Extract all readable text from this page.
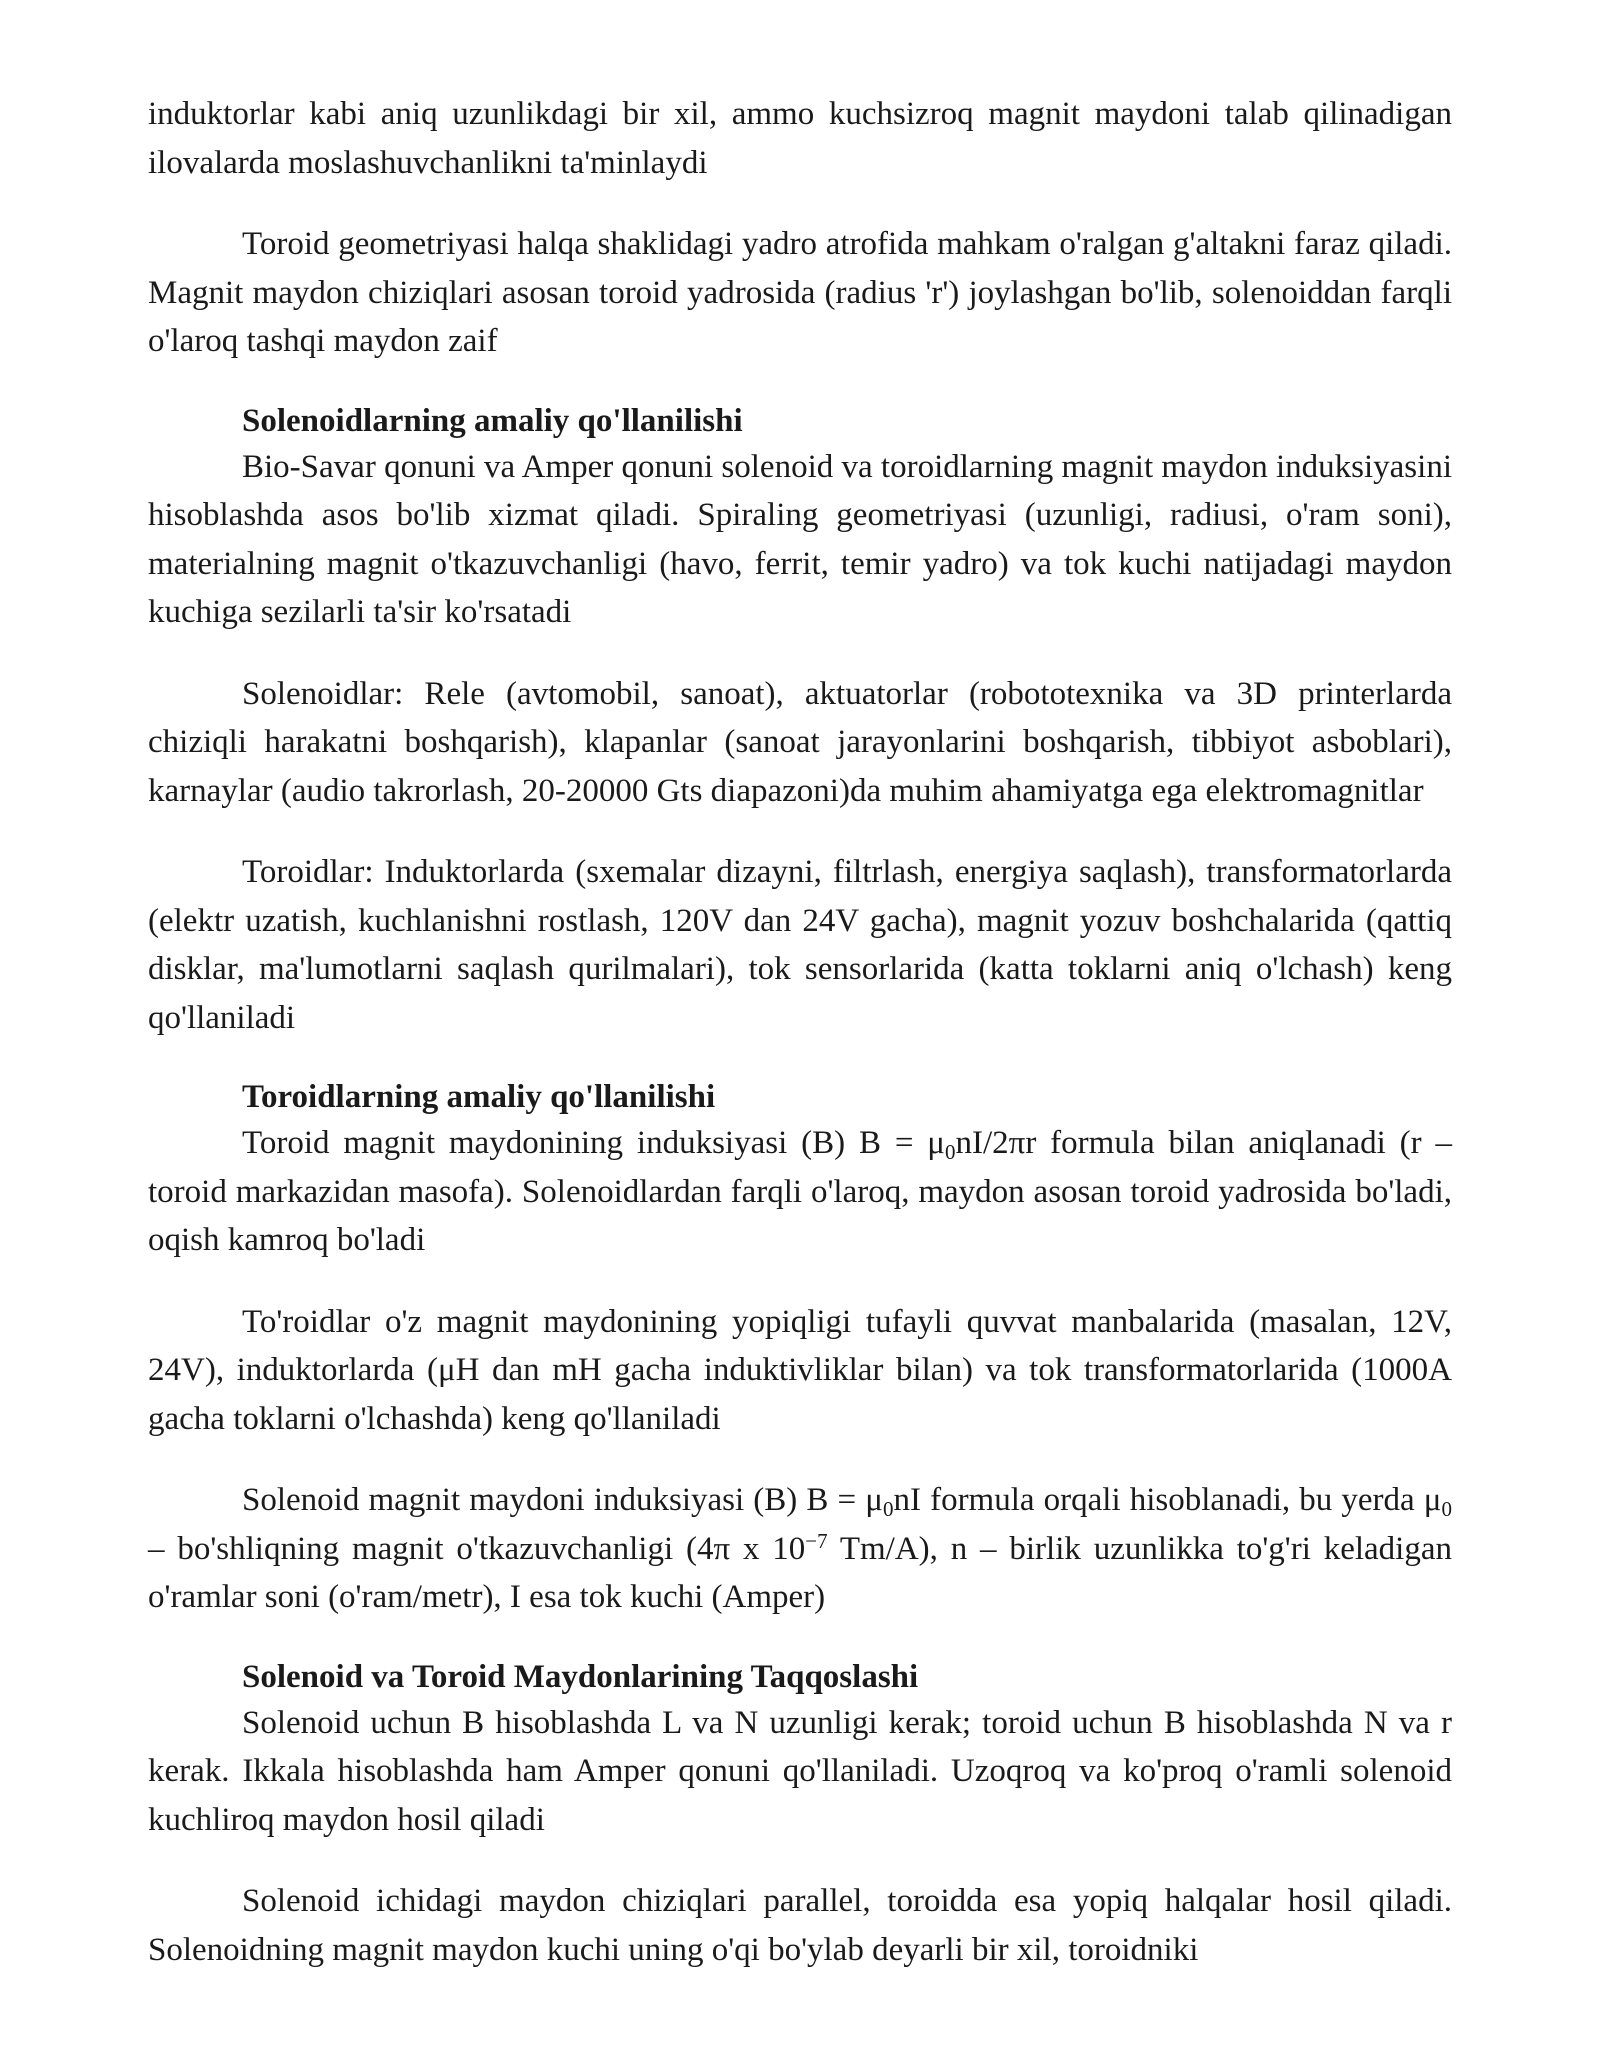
induktorlar kabi aniq uzunlikdagi bir xil, ammo kuchsizroq magnit maydoni talab qilinadigan ilovalarda moslashuvchanlikni ta'minlaydi

Toroid geometriyasi halqa shaklidagi yadro atrofida mahkam o'ralgan g'altakni faraz qiladi. Magnit maydon chiziqlari asosan toroid yadrosida (radius 'r') joylashgan bo'lib, solenoiddan farqli o'laroq tashqi maydon zaif

Solenoidlarning amaliy qo'llanilishi

Bio-Savar qonuni va Amper qonuni solenoid va toroidlarning magnit maydon induksiyasini hisoblashda asos bo'lib xizmat qiladi. Spiraling geometriyasi (uzunligi, radiusi, o'ram soni), materialning magnit o'tkazuvchanligi (havo, ferrit, temir yadro) va tok kuchi natijadagi maydon kuchiga sezilarli ta'sir ko'rsatadi

Solenoidlar: Rele (avtomobil, sanoat), aktuatorlar (robototexnika va 3D printerlarda chiziqli harakatni boshqarish), klapanlar (sanoat jarayonlarini boshqarish, tibbiyot asboblari), karnaylar (audio takrorlash, 20-20000 Gts diapazoni)da muhim ahamiyatga ega elektromagnitlar

Toroidlar: Induktorlarda (sxemalar dizayni, filtrlash, energiya saqlash), transformatorlarda (elektr uzatish, kuchlanishni rostlash, 120V dan 24V gacha), magnit yozuv boshchalarida (qattiq disklar, ma'lumotlarni saqlash qurilmalari), tok sensorlarida (katta toklarni aniq o'lchash) keng qo'llaniladi

Toroidlarning amaliy qo'llanilishi

Toroid magnit maydonining induksiyasi (B) $B = \mu_0nI/2\pi r$ formula bilan aniqlanadi (r – toroid markazidan masofa). Solenoidlardan farqli o'laroq, maydon asosan toroid yadrosida bo'ladi, oqish kamroq bo'ladi

To'roidlar o'z magnit maydonining yopiqligi tufayli quvvat manbalarida (masalan, 12V, 24V), induktorlarda (μH dan mH gacha induktivliklar bilan) va tok transformatorlarida (1000A gacha toklarni o'lchashda) keng qo'llaniladi

Solenoid magnit maydoni induksiyasi (B) $B = \mu_0nI$ formula orqali hisoblanadi, bu yerda $\mu_0$ – bo'shliqning magnit o'tkazuvchanligi (4π x $10^{-7}$ Tm/A), n – birlik uzunlikka to'g'ri keladigan o'ramlar soni (o'ram/metr), I esa tok kuchi (Amper)

Solenoid va Toroid Maydonlarining Taqqoslashi

Solenoid uchun B hisoblashda L va N uzunligi kerak; toroid uchun B hisoblashda N va r kerak. Ikkala hisoblashda ham Amper qonuni qo'llaniladi. Uzoqroq va ko'proq o'ramli solenoid kuchliroq maydon hosil qiladi

Solenoid ichidagi maydon chiziqlari parallel, toroidda esa yopiq halqalar hosil qiladi. Solenoidning magnit maydon kuchi uning o'qi bo'ylab deyarli bir xil, toroidniki
